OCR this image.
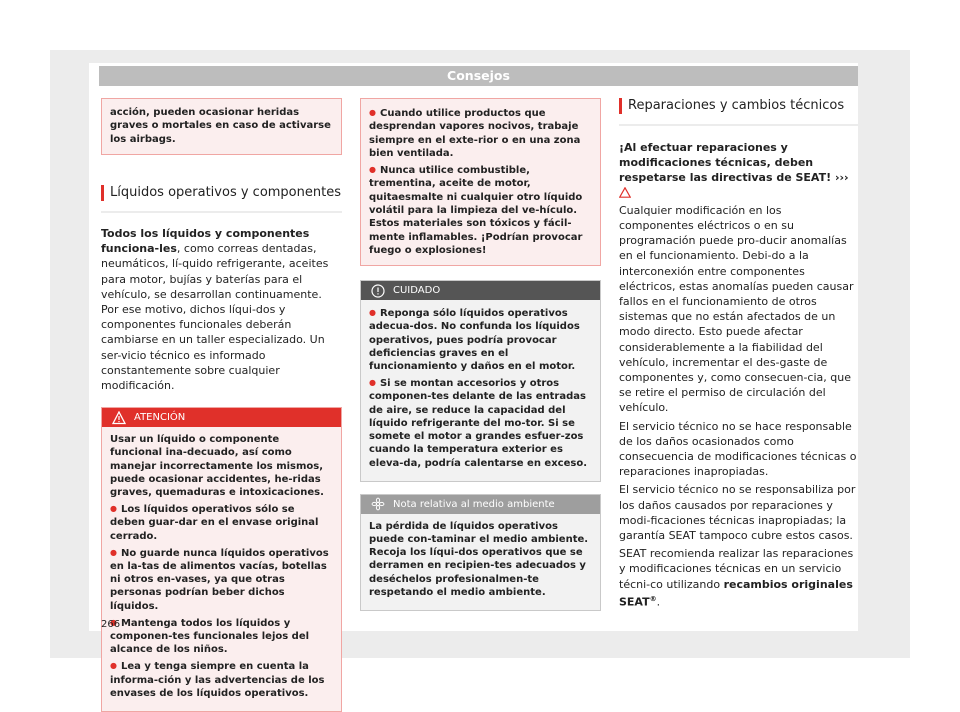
Consejos

acción, pueden ocasionar heridas graves o mortales en caso de activarse los airbags.

Líquidos operativos y componentes

Todos los líquidos y componentes funciona-les, como correas dentadas, neumáticos, lí-quido refrigerante, aceites para motor, bujías y baterías para el vehículo, se desarrollan continuamente. Por ese motivo, dichos líqui-dos y componentes funcionales deberán cambiarse en un taller especializado. Un ser-vicio técnico es informado constantemente sobre cualquier modificación.

ATENCIÓN

Usar un líquido o componente funcional ina-decuado, así como manejar incorrectamente los mismos, puede ocasionar accidentes, he-ridas graves, quemaduras e intoxicaciones.

● Los líquidos operativos sólo se deben guar-dar en el envase original cerrado.

● No guarde nunca líquidos operativos en la-tas de alimentos vacías, botellas ni otros en-vases, ya que otras personas podrían beber dichos líquidos.

● Mantenga todos los líquidos y componen-tes funcionales lejos del alcance de los niños.

● Lea y tenga siempre en cuenta la informa-ción y las advertencias de los envases de los líquidos operativos.

● Cuando utilice productos que desprendan vapores nocivos, trabaje siempre en el exte-rior o en una zona bien ventilada.

● Nunca utilice combustible, trementina, aceite de motor, quitaesmalte ni cualquier otro líquido volátil para la limpieza del ve-hículo. Estos materiales son tóxicos y fácil-mente inflamables. ¡Podrían provocar fuego o explosiones!

CUIDADO

● Reponga sólo líquidos operativos adecua-dos. No confunda los líquidos operativos, pues podría provocar deficiencias graves en el funcionamiento y daños en el motor.

● Si se montan accesorios y otros componen-tes delante de las entradas de aire, se reduce la capacidad del líquido refrigerante del mo-tor. Si se somete el motor a grandes esfuer-zos cuando la temperatura exterior es eleva-da, podría calentarse en exceso.

Nota relativa al medio ambiente

La pérdida de líquidos operativos puede con-taminar el medio ambiente. Recoja los líqui-dos operativos que se derramen en recipien-tes adecuados y deséchelos profesionalmen-te respetando el medio ambiente.

Reparaciones y cambios técnicos

¡Al efectuar reparaciones y modificaciones técnicas, deben respetarse las directivas de SEAT! ›››

Cualquier modificación en los componentes eléctricos o en su programación puede pro-ducir anomalías en el funcionamiento. Debi-do a la interconexión entre componentes eléctricos, estas anomalías pueden causar fallos en el funcionamiento de otros sistemas que no están afectados de un modo directo. Esto puede afectar considerablemente a la fiabilidad del vehículo, incrementar el des-gaste de componentes y, como consecuen-cia, que se retire el permiso de circulación del vehículo.

El servicio técnico no se hace responsable de los daños ocasionados como consecuencia de modificaciones técnicas o reparaciones inapropiadas.

El servicio técnico no se responsabiliza por los daños causados por reparaciones y modi-ficaciones técnicas inapropiadas; la garantía SEAT tampoco cubre estos casos.

SEAT recomienda realizar las reparaciones y modificaciones técnicas en un servicio técni-co utilizando recambios originales SEAT®.

266
